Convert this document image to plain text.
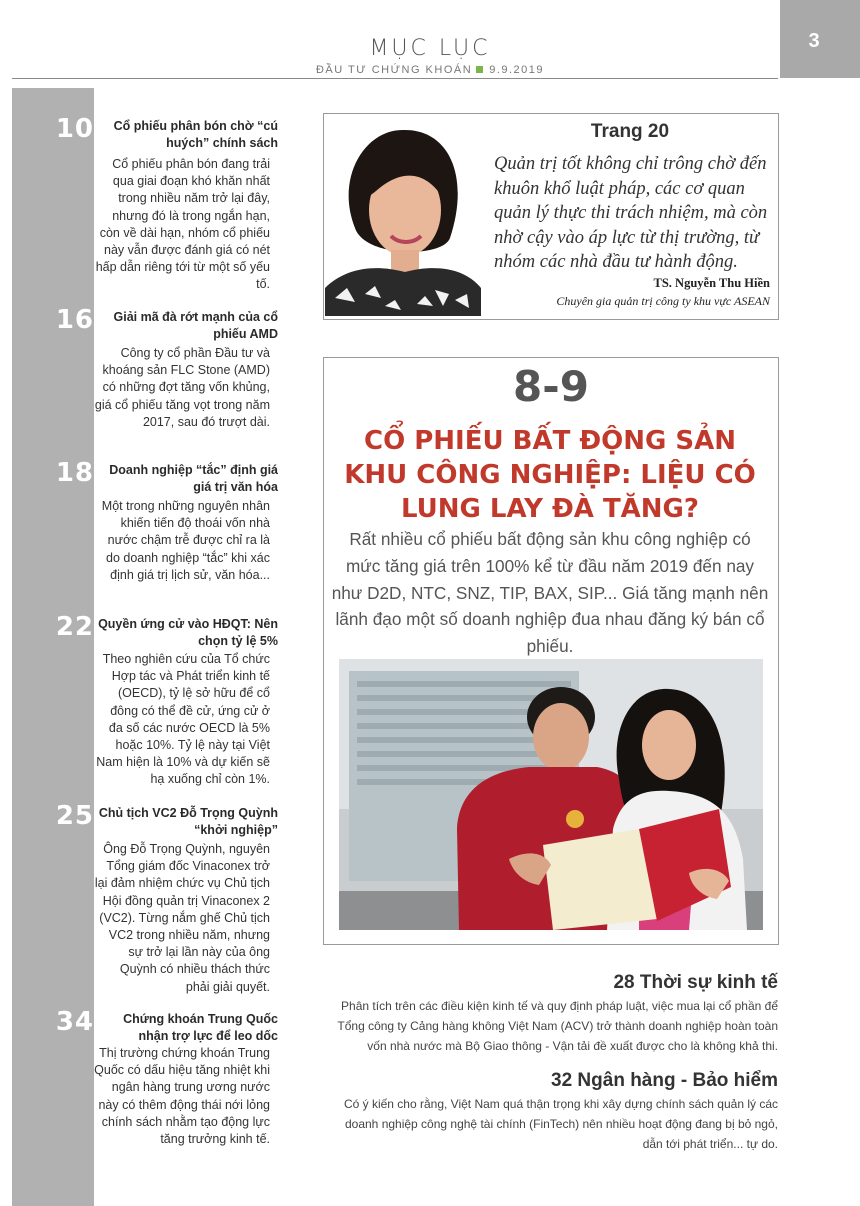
MỤC LỤC
ĐẦU TƯ CHỨNG KHOÁN 9.9.2019
3
10	Cổ phiếu phân bón chờ “cú huých” chính sách
Cổ phiếu phân bón đang trải qua giai đoạn khó khăn nhất trong nhiều năm trở lại đây, nhưng đó là trong ngắn hạn, còn về dài hạn, nhóm cổ phiếu này vẫn được đánh giá có nét hấp dẫn riêng tới từ một số yếu tố.
16	Giải mã đà rớt mạnh của cổ phiếu AMD
Công ty cổ phần Đầu tư và khoáng sản FLC Stone (AMD) có những đợt tăng vốn khủng, giá cổ phiếu tăng vọt trong năm 2017, sau đó trượt dài.
18	Doanh nghiệp “tắc” định giá giá trị văn hóa
Một trong những nguyên nhân khiến tiến độ thoái vốn nhà nước chậm trễ được chỉ ra là do doanh nghiệp “tắc” khi xác định giá trị lịch sử, văn hóa...
22 Quyền ứng cử vào HĐQT: Nên chọn tỷ lệ 5%
Theo nghiên cứu của Tổ chức Hợp tác và Phát triển kinh tế (OECD), tỷ lệ sở hữu để cổ đông có thể đề cử, ứng cử ở đa số các nước OECD là 5% hoặc 10%. Tỷ lệ này tại Việt Nam hiện là 10% và dự kiến sẽ hạ xuống chỉ còn 1%.
25 Chủ tịch VC2 Đỗ Trọng Quỳnh “khởi nghiệp”
Ông Đỗ Trọng Quỳnh, nguyên Tổng giám đốc Vinaconex trở lại đảm nhiệm chức vụ Chủ tịch Hội đồng quản trị Vinaconex 2 (VC2). Từng nắm ghế Chủ tịch VC2 trong nhiều năm, nhưng sự trở lại lần này của ông Quỳnh có nhiều thách thức phải giải quyết.
34	Chứng khoán Trung Quốc nhận trợ lực để leo dốc
Thị trường chứng khoán Trung Quốc có dấu hiệu tăng nhiệt khi ngân hàng trung ương nước này có thêm động thái nới lỏng chính sách nhằm tạo động lực tăng trưởng kinh tế.
Trang 20
Quản trị tốt không chỉ trông chờ đến khuôn khổ luật pháp, các cơ quan quản lý thực thi trách nhiệm, mà còn nhờ cậy vào áp lực từ thị trường, từ nhóm các nhà đầu tư hành động.
TS. Nguyễn Thu Hiền
Chuyên gia quản trị công ty khu vực ASEAN
8-9
CỔ PHIẾU BẤT ĐỘNG SẢN KHU CÔNG NGHIỆP: LIỆU CÓ LUNG LAY ĐÀ TĂNG?
Rất nhiều cổ phiếu bất động sản khu công nghiệp có mức tăng giá trên 100% kể từ đầu năm 2019 đến nay như D2D, NTC, SNZ, TIP, BAX, SIP... Giá tăng mạnh nên lãnh đạo một số doanh nghiệp đua nhau đăng ký bán cổ phiếu.
28 Thời sự kinh tế
Phân tích trên các điều kiện kinh tế và quy định pháp luật, việc mua lại cổ phần để Tổng công ty Cảng hàng không Việt Nam (ACV) trở thành doanh nghiệp hoàn toàn vốn nhà nước mà Bộ Giao thông - Vận tải đề xuất được cho là không khả thi.
32 Ngân hàng - Bảo hiểm
Có ý kiến cho rằng, Việt Nam quá thận trọng khi xây dựng chính sách quản lý các doanh nghiệp công nghệ tài chính (FinTech) nên nhiều hoạt động đang bị bỏ ngỏ, dẫn tới phát triển... tự do.
